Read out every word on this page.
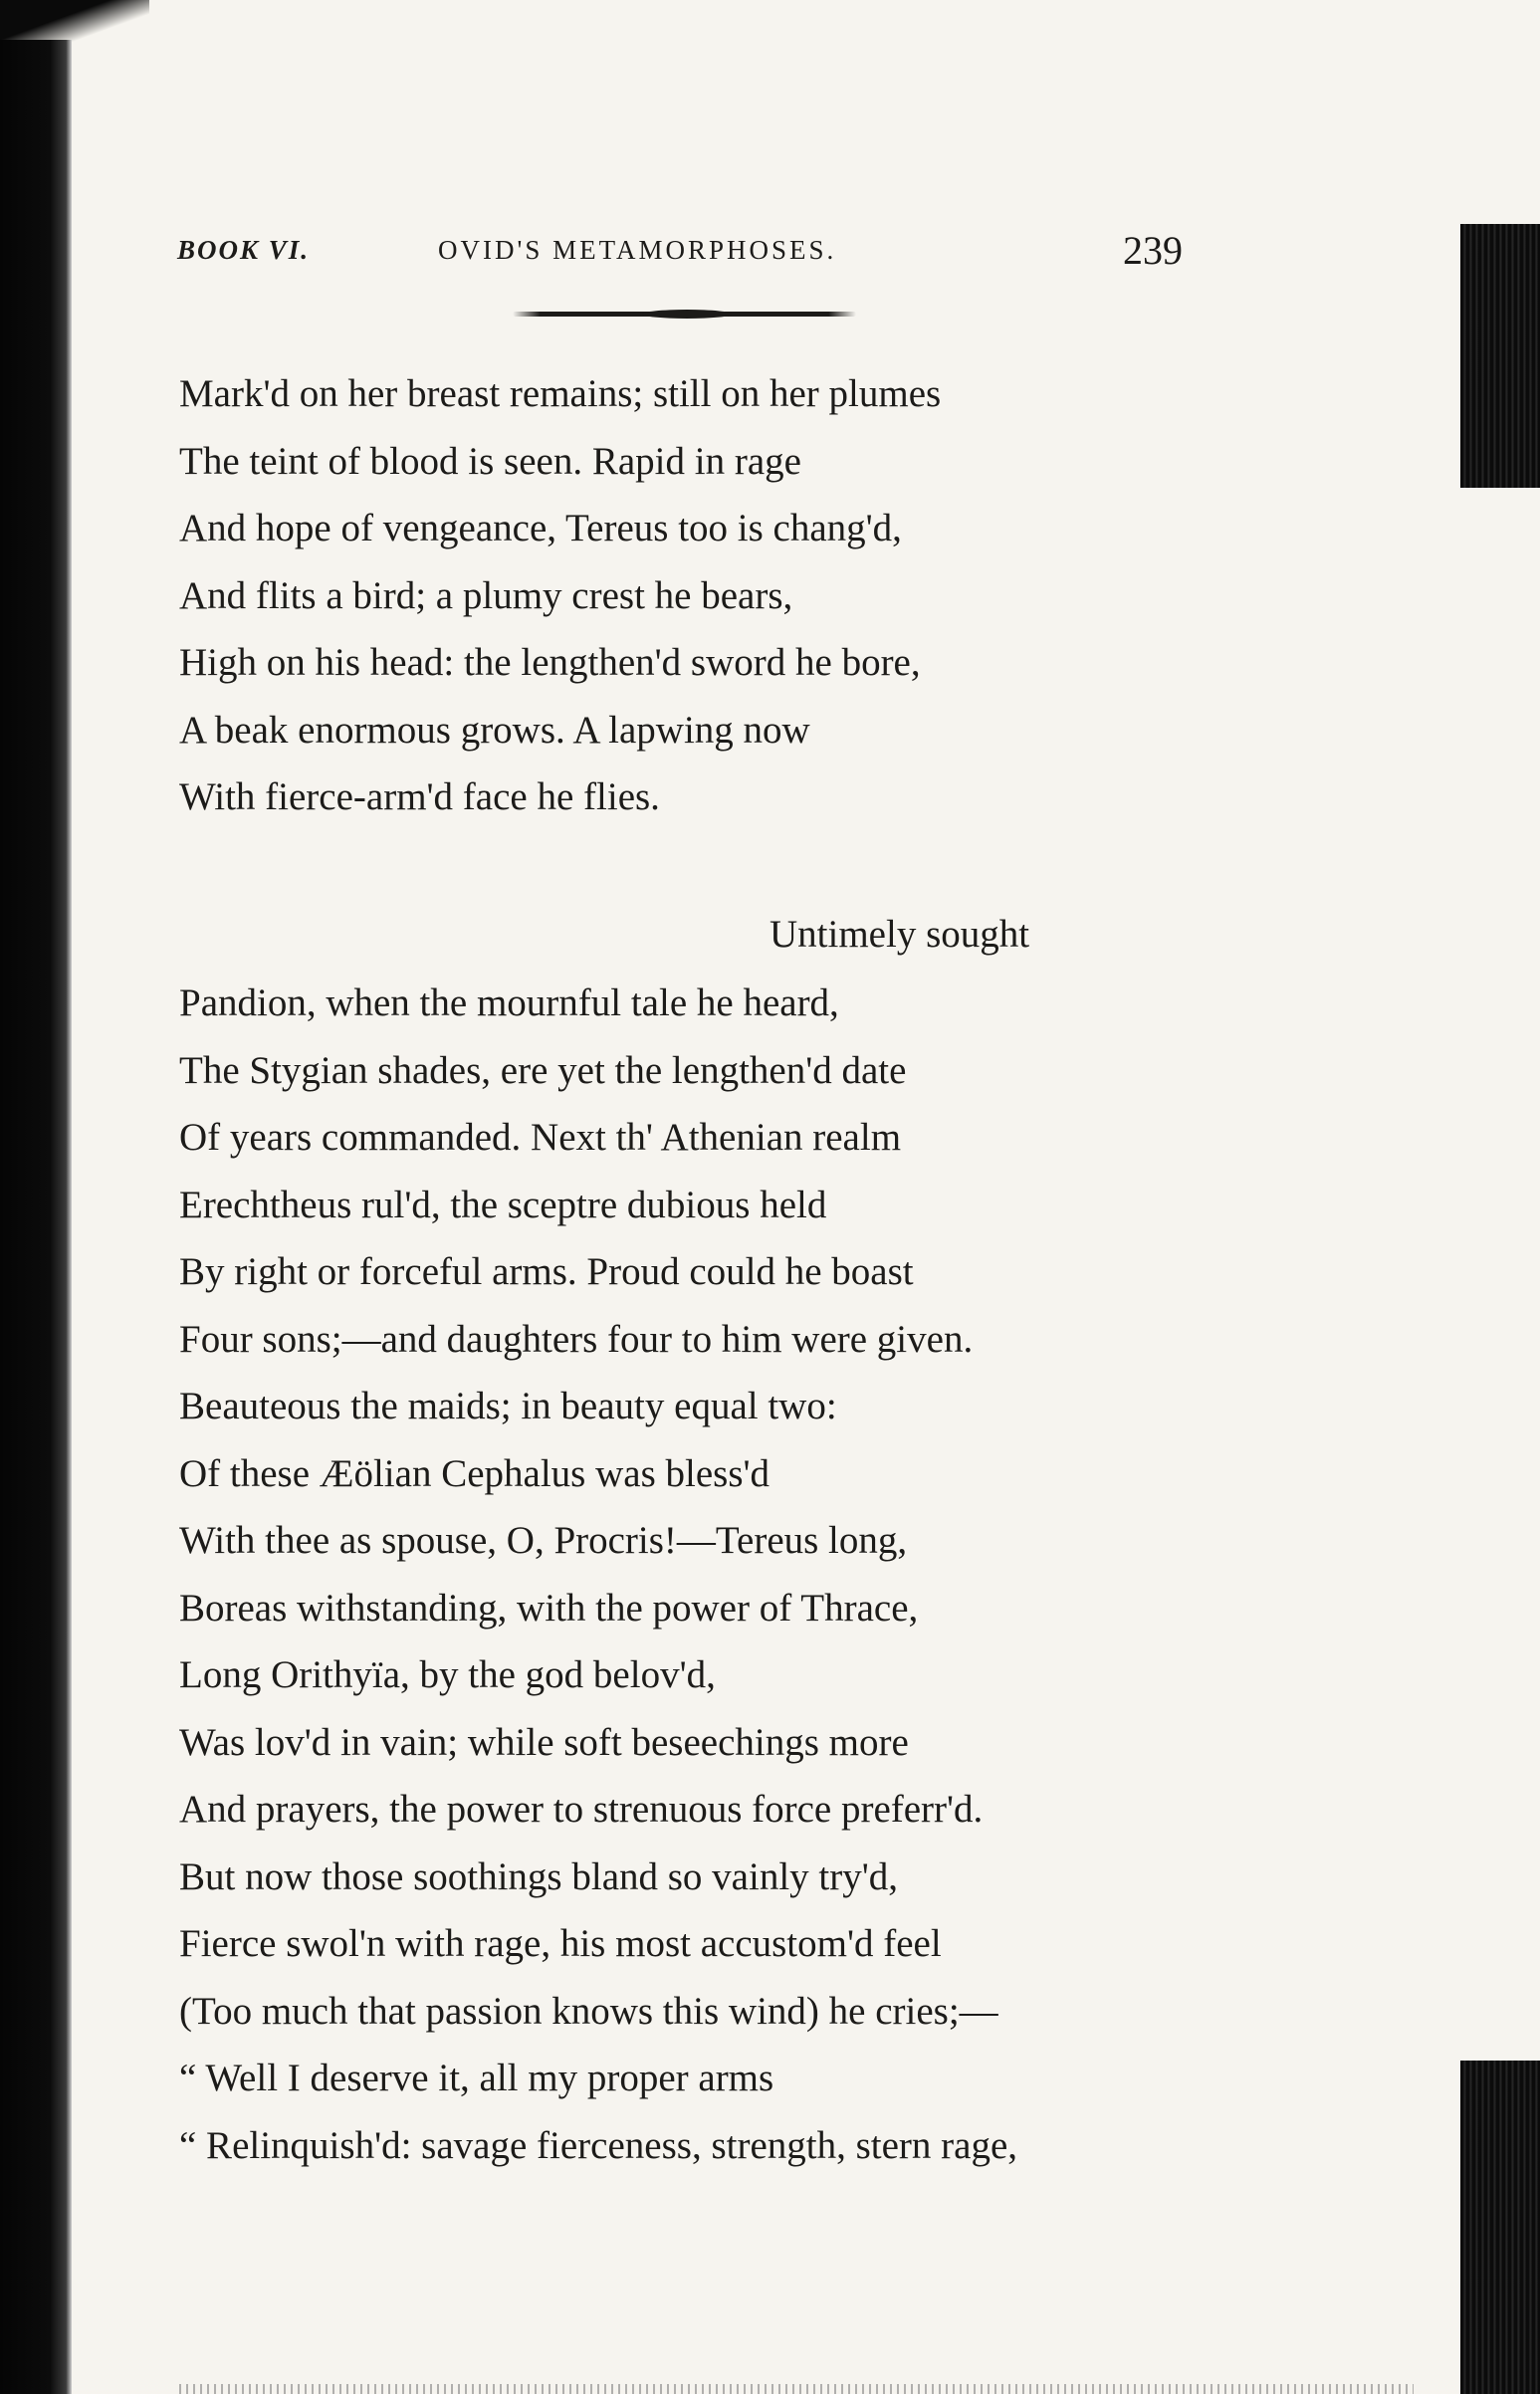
BOOK VI.	OVID'S METAMORPHOSES.	239
Mark'd on her breast remains; still on her plumes
The teint of blood is seen. Rapid in rage
And hope of vengeance, Tereus too is chang'd,
And flits a bird; a plumy crest he bears,
High on his head: the lengthen'd sword he bore,
A beak enormous grows. A lapwing now
With fierce-arm'd face he flies.
Untimely sought
Pandion, when the mournful tale he heard,
The Stygian shades, ere yet the lengthen'd date
Of years commanded. Next th' Athenian realm
Erechtheus rul'd, the sceptre dubious held
By right or forceful arms. Proud could he boast
Four sons;—and daughters four to him were given.
Beauteous the maids; in beauty equal two:
Of these Æölian Cephalus was bless'd
With thee as spouse, O, Procris!—Tereus long,
Boreas withstanding, with the power of Thrace,
Long Orithyïa, by the god belov'd,
Was lov'd in vain; while soft beseechings more
And prayers, the power to strenuous force preferr'd.
But now those soothings bland so vainly try'd,
Fierce swol'n with rage, his most accustom'd feel
(Too much that passion knows this wind) he cries;—
“ Well I deserve it, all my proper arms
“ Relinquish'd: savage fierceness, strength, stern rage,
